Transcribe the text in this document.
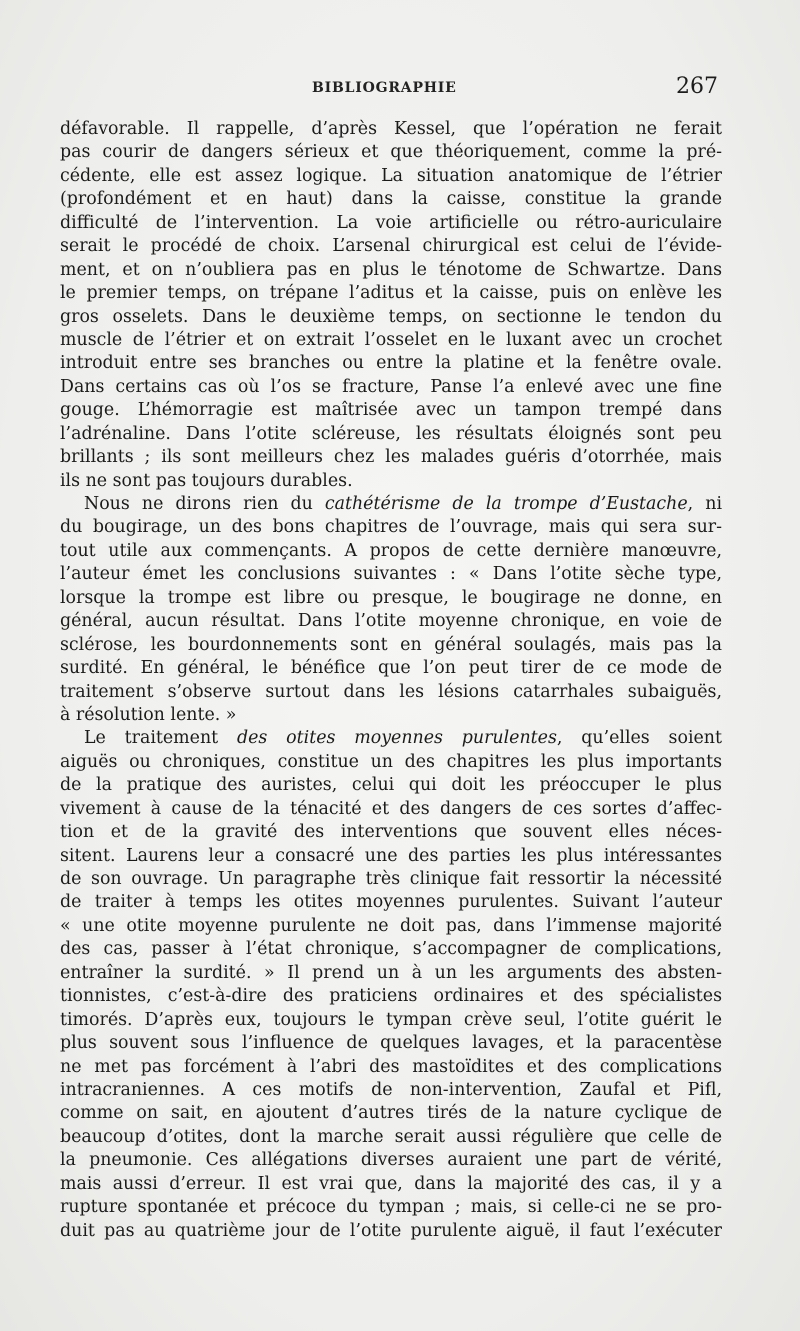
BIBLIOGRAPHIE	267
défavorable. Il rappelle, d’après Kessel, que l’opération ne ferait
pas courir de dangers sérieux et que théoriquement, comme la pré-
cédente, elle est assez logique. La situation anatomique de l’étrier
(profondément et en haut) dans la caisse, constitue la grande
difficulté de l’intervention. La voie artificielle ou rétro-auriculaire
serait le procédé de choix. L’arsenal chirurgical est celui de l’évide-
ment, et on n’oubliera pas en plus le ténotome de Schwartze. Dans
le premier temps, on trépane l’aditus et la caisse, puis on enlève les
gros osselets. Dans le deuxième temps, on sectionne le tendon du
muscle de l’étrier et on extrait l’osselet en le luxant avec un crochet
introduit entre ses branches ou entre la platine et la fenêtre ovale.
Dans certains cas où l’os se fracture, Panse l’a enlevé avec une fine
gouge. L’hémorragie est maîtrisée avec un tampon trempé dans
l’adrénaline. Dans l’otite scléreuse, les résultats éloignés sont peu
brillants ; ils sont meilleurs chez les malades guéris d’otorrhée, mais
ils ne sont pas toujours durables.
Nous ne dirons rien du cathétérisme de la trompe d’Eustache, ni
du bougirage, un des bons chapitres de l’ouvrage, mais qui sera sur-
tout utile aux commençants. A propos de cette dernière manœuvre,
l’auteur émet les conclusions suivantes : « Dans l’otite sèche type,
lorsque la trompe est libre ou presque, le bougirage ne donne, en
général, aucun résultat. Dans l’otite moyenne chronique, en voie de
sclérose, les bourdonnements sont en général soulagés, mais pas la
surdité. En général, le bénéfice que l’on peut tirer de ce mode de
traitement s’observe surtout dans les lésions catarrhales subaiguës,
à résolution lente. »
Le traitement des otites moyennes purulentes, qu’elles soient
aiguës ou chroniques, constitue un des chapitres les plus importants
de la pratique des auristes, celui qui doit les préoccuper le plus
vivement à cause de la ténacité et des dangers de ces sortes d’affec-
tion et de la gravité des interventions que souvent elles néces-
sitent. Laurens leur a consacré une des parties les plus intéressantes
de son ouvrage. Un paragraphe très clinique fait ressortir la nécessité
de traiter à temps les otites moyennes purulentes. Suivant l’auteur
« une otite moyenne purulente ne doit pas, dans l’immense majorité
des cas, passer à l’état chronique, s’accompagner de complications,
entraîner la surdité. » Il prend un à un les arguments des absten-
tionnistes, c’est-à-dire des praticiens ordinaires et des spécialistes
timorés. D’après eux, toujours le tympan crève seul, l’otite guérit le
plus souvent sous l’influence de quelques lavages, et la paracentèse
ne met pas forcément à l’abri des mastoïdites et des complications
intracraniennes. A ces motifs de non-intervention, Zaufal et Pifl,
comme on sait, en ajoutent d’autres tirés de la nature cyclique de
beaucoup d’otites, dont la marche serait aussi régulière que celle de
la pneumonie. Ces allégations diverses auraient une part de vérité,
mais aussi d’erreur. Il est vrai que, dans la majorité des cas, il y a
rupture spontanée et précoce du tympan ; mais, si celle-ci ne se pro-
duit pas au quatrième jour de l’otite purulente aiguë, il faut l’exécuter
